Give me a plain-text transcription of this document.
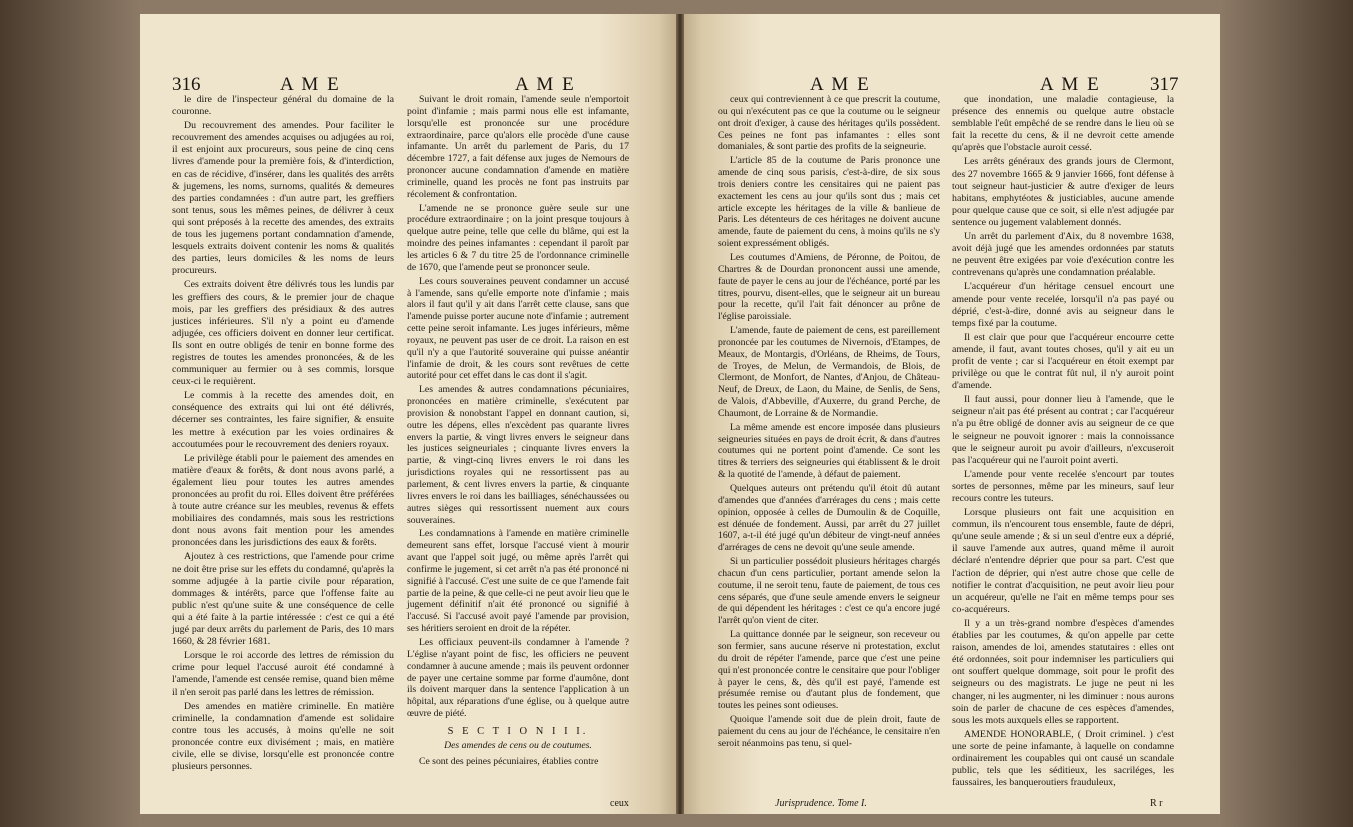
316	A M E	A M E

le dire de l'inspecteur général du domaine de la couronne.

Du recouvrement des amendes. Pour faciliter le recouvrement des amendes acquises ou adjugées au roi, il est enjoint aux procureurs, sous peine de cinq cens livres d'amende pour la première fois, & d'interdiction, en cas de récidive, d'insérer, dans les qualités des arrêts & jugemens, les noms, surnoms, qualités & demeures des parties condamnées : d'un autre part, les greffiers sont tenus, sous les mêmes peines, de délivrer à ceux qui sont préposés à la recette des amendes, des extraits de tous les jugemens portant condamnation d'amende, lesquels extraits doivent contenir les noms & qualités des parties, leurs domiciles & les noms de leurs procureurs.

Ces extraits doivent être délivrés tous les lundis par les greffiers des cours, & le premier jour de chaque mois, par les greffiers des présidiaux & des autres justices inférieures. S'il n'y a point eu d'amende adjugée, ces officiers doivent en donner leur certificat. Ils sont en outre obligés de tenir en bonne forme des registres de toutes les amendes prononcées, & de les communiquer au fermier ou à ses commis, lorsque ceux-ci le requièrent.

Le commis à la recette des amendes doit, en conséquence des extraits qui lui ont été délivrés, décerner ses contraintes, les faire signifier, & ensuite les mettre à exécution par les voies ordinaires & accoutumées pour le recouvrement des deniers royaux.

Le privilège établi pour le paiement des amendes en matière d'eaux & forêts, & dont nous avons parlé, a également lieu pour toutes les autres amendes prononcées au profit du roi. Elles doivent être préférées à toute autre créance sur les meubles, revenus & effets mobiliaires des condamnés, mais sous les restrictions dont nous avons fait mention pour les amendes prononcées dans les jurisdictions des eaux & forêts.

Ajoutez à ces restrictions, que l'amende pour crime ne doit être prise sur les effets du condamné, qu'après la somme adjugée à la partie civile pour réparation, dommages & intérêts, parce que l'offense faite au public n'est qu'une suite & une conséquence de celle qui a été faite à la partie intéressée : c'est ce qui a été jugé par deux arrêts du parlement de Paris, des 10 mars 1660, & 28 février 1681.

Lorsque le roi accorde des lettres de rémission du crime pour lequel l'accusé auroit été condamné à l'amende, l'amende est censée remise, quand bien même il n'en seroit pas parlé dans les lettres de rémission.

Des amendes en matière criminelle. En matière criminelle, la condamnation d'amende est solidaire contre tous les accusés, à moins qu'elle ne soit prononcée contre eux divisément ; mais, en matière civile, elle se divise, lorsqu'elle est prononcée contre plusieurs personnes.

Suivant le droit romain, l'amende seule n'emportoit point d'infamie ; mais parmi nous elle est infamante, lorsqu'elle est prononcée sur une procédure extraordinaire, parce qu'alors elle procède d'une cause infamante. Un arrêt du parlement de Paris, du 17 décembre 1727, a fait défense aux juges de Nemours de prononcer aucune condamnation d'amende en matière criminelle, quand les procès ne font pas instruits par récolement & confrontation.

L'amende ne se prononce guère seule sur une procédure extraordinaire ; on la joint presque toujours à quelque autre peine, telle que celle du blâme, qui est la moindre des peines infamantes : cependant il paroît par les articles 6 & 7 du titre 25 de l'ordonnance criminelle de 1670, que l'amende peut se prononcer seule.

Les cours souveraines peuvent condamner un accusé à l'amende, sans qu'elle emporte note d'infamie ; mais alors il faut qu'il y ait dans l'arrêt cette clause, sans que l'amende puisse porter aucune note d'infamie ; autrement cette peine seroit infamante. Les juges inférieurs, même royaux, ne peuvent pas user de ce droit. La raison en est qu'il n'y a que l'autorité souveraine qui puisse anéantir l'infamie de droit, & les cours sont revêtues de cette autorité pour cet effet dans le cas dont il s'agit.

Les amendes & autres condamnations pécuniaires, prononcées en matière criminelle, s'exécutent par provision & nonobstant l'appel en donnant caution, si, outre les dépens, elles n'excèdent pas quarante livres envers la partie, & vingt livres envers le seigneur dans les justices seigneuriales ; cinquante livres envers la partie, & vingt-cinq livres envers le roi dans les jurisdictions royales qui ne ressortissent pas au parlement, & cent livres envers la partie, & cinquante livres envers le roi dans les bailliages, sénéchaussées ou autres sièges qui ressortissent nuement aux cours souveraines.

Les condamnations à l'amende en matière criminelle demeurent sans effet, lorsque l'accusé vient à mourir avant que l'appel soit jugé, ou même après l'arrêt qui confirme le jugement, si cet arrêt n'a pas été prononcé ni signifié à l'accusé. C'est une suite de ce que l'amende fait partie de la peine, & que celle-ci ne peut avoir lieu que le jugement définitif n'ait été prononcé ou signifié à l'accusé. Si l'accusé avoit payé l'amende par provision, ses héritiers seroient en droit de la répéter.

Les officiaux peuvent-ils condamner à l'amende ? L'église n'ayant point de fisc, les officiers ne peuvent condamner à aucune amende ; mais ils peuvent ordonner de payer une certaine somme par forme d'aumône, dont ils doivent marquer dans la sentence l'application à un hôpital, aux réparations d'une église, ou à quelque autre œuvre de piété.

S E C T I O N I I I.

Des amendes de cens ou de coutumes.

Ce sont des peines pécuniaires, établies contre

ceux
A M E	A M E	317

ceux qui contreviennent à ce que prescrit la coutume, ou qui n'exécutent pas ce que la coutume ou le seigneur ont droit d'exiger, à cause des héritages qu'ils possèdent. Ces peines ne font pas infamantes : elles sont domaniales, & sont partie des profits de la seigneurie.

L'article 85 de la coutume de Paris prononce une amende de cinq sous parisis, c'est-à-dire, de six sous trois deniers contre les censitaires qui ne paient pas exactement les cens au jour qu'ils sont dus ; mais cet article excepte les héritages de la ville & banlieue de Paris. Les détenteurs de ces héritages ne doivent aucune amende, faute de paiement du cens, à moins qu'ils ne s'y soient expressément obligés.

Les coutumes d'Amiens, de Péronne, de Poitou, de Chartres & de Dourdan prononcent aussi une amende, faute de payer le cens au jour de l'échéance, porté par les titres, pourvu, disent-elles, que le seigneur ait un bureau pour la recette, qu'il l'ait fait dénoncer au prône de l'église paroissiale.

L'amende, faute de paiement de cens, est pareillement prononcée par les coutumes de Nivernois, d'Etampes, de Meaux, de Montargis, d'Orléans, de Rheims, de Tours, de Troyes, de Melun, de Vermandois, de Blois, de Clermont, de Monfort, de Nantes, d'Anjou, de Château-Neuf, de Dreux, de Laon, du Maine, de Senlis, de Sens, de Valois, d'Abbeville, d'Auxerre, du grand Perche, de Chaumont, de Lorraine & de Normandie.

La même amende est encore imposée dans plusieurs seigneuries situées en pays de droit écrit, & dans d'autres coutumes qui ne portent point d'amende. Ce sont les titres & terriers des seigneuries qui établissent & le droit & la quotité de l'amende, à défaut de paiement.

Quelques auteurs ont prétendu qu'il étoit dû autant d'amendes que d'années d'arrérages du cens ; mais cette opinion, opposée à celles de Dumoulin & de Coquille, est dénuée de fondement. Aussi, par arrêt du 27 juillet 1607, a-t-il été jugé qu'un débiteur de vingt-neuf années d'arrérages de cens ne devoit qu'une seule amende.

Si un particulier possédoit plusieurs héritages chargés chacun d'un cens particulier, portant amende selon la coutume, il ne seroit tenu, faute de paiement, de tous ces cens séparés, que d'une seule amende envers le seigneur de qui dépendent les héritages : c'est ce qu'a encore jugé l'arrêt qu'on vient de citer.

La quittance donnée par le seigneur, son receveur ou son fermier, sans aucune réserve ni protestation, exclut du droit de répéter l'amende, parce que c'est une peine qui n'est prononcée contre le censitaire que pour l'obliger à payer le cens, &, dès qu'il est payé, l'amende est présumée remise ou d'autant plus de fondement, que toutes les peines sont odieuses.

Quoique l'amende soit due de plein droit, faute de paiement du cens au jour de l'échéance, le censitaire n'en seroit néanmoins pas tenu, si quel-

que inondation, une maladie contagieuse, la présence des ennemis ou quelque autre obstacle semblable l'eût empêché de se rendre dans le lieu où se fait la recette du cens, & il ne devroit cette amende qu'après que l'obstacle auroit cessé.

Les arrêts généraux des grands jours de Clermont, des 27 novembre 1665 & 9 janvier 1666, font défense à tout seigneur haut-justicier & autre d'exiger de leurs habitans, emphytéotes & justiciables, aucune amende pour quelque cause que ce soit, si elle n'est adjugée par sentence ou jugement valablement donnés.

Un arrêt du parlement d'Aix, du 8 novembre 1638, avoit déjà jugé que les amendes ordonnées par statuts ne peuvent être exigées par voie d'exécution contre les contrevenans qu'après une condamnation préalable.

L'acquéreur d'un héritage censuel encourt une amende pour vente recelée, lorsqu'il n'a pas payé ou déprié, c'est-à-dire, donné avis au seigneur dans le temps fixé par la coutume.

Il est clair que pour que l'acquéreur encourre cette amende, il faut, avant toutes choses, qu'il y ait eu un profit de vente ; car si l'acquéreur en étoit exempt par privilège ou que le contrat fût nul, il n'y auroit point d'amende.

Il faut aussi, pour donner lieu à l'amende, que le seigneur n'ait pas été présent au contrat ; car l'acquéreur n'a pu être obligé de donner avis au seigneur de ce que le seigneur ne pouvoit ignorer : mais la connoissance que le seigneur auroit pu avoir d'ailleurs, n'excuseroit pas l'acquéreur qui ne l'auroit point averti.

L'amende pour vente recelée s'encourt par toutes sortes de personnes, même par les mineurs, sauf leur recours contre les tuteurs.

Lorsque plusieurs ont fait une acquisition en commun, ils n'encourent tous ensemble, faute de dépri, qu'une seule amende ; & si un seul d'entre eux a déprié, il sauve l'amende aux autres, quand même il auroit déclaré n'entendre déprier que pour sa part. C'est que l'action de déprier, qui n'est autre chose que celle de notifier le contrat d'acquisition, ne peut avoir lieu pour un acquéreur, qu'elle ne l'ait en même temps pour ses co-acquéreurs.

Il y a un très-grand nombre d'espèces d'amendes établies par les coutumes, & qu'on appelle par cette raison, amendes de loi, amendes statutaires : elles ont été ordonnées, soit pour indemniser les particuliers qui ont souffert quelque dommage, soit pour le profit des seigneurs ou des magistrats. Le juge ne peut ni les changer, ni les augmenter, ni les diminuer : nous aurons soin de parler de chacune de ces espèces d'amendes, sous les mots auxquels elles se rapportent.

AMENDE HONORABLE, ( Droit criminel. ) c'est une sorte de peine infamante, à laquelle on condamne ordinairement les coupables qui ont causé un scandale public, tels que les séditieux, les sacriléges, les faussaires, les banqueroutiers frauduleux,

Jurisprudence. Tome I.	R r
